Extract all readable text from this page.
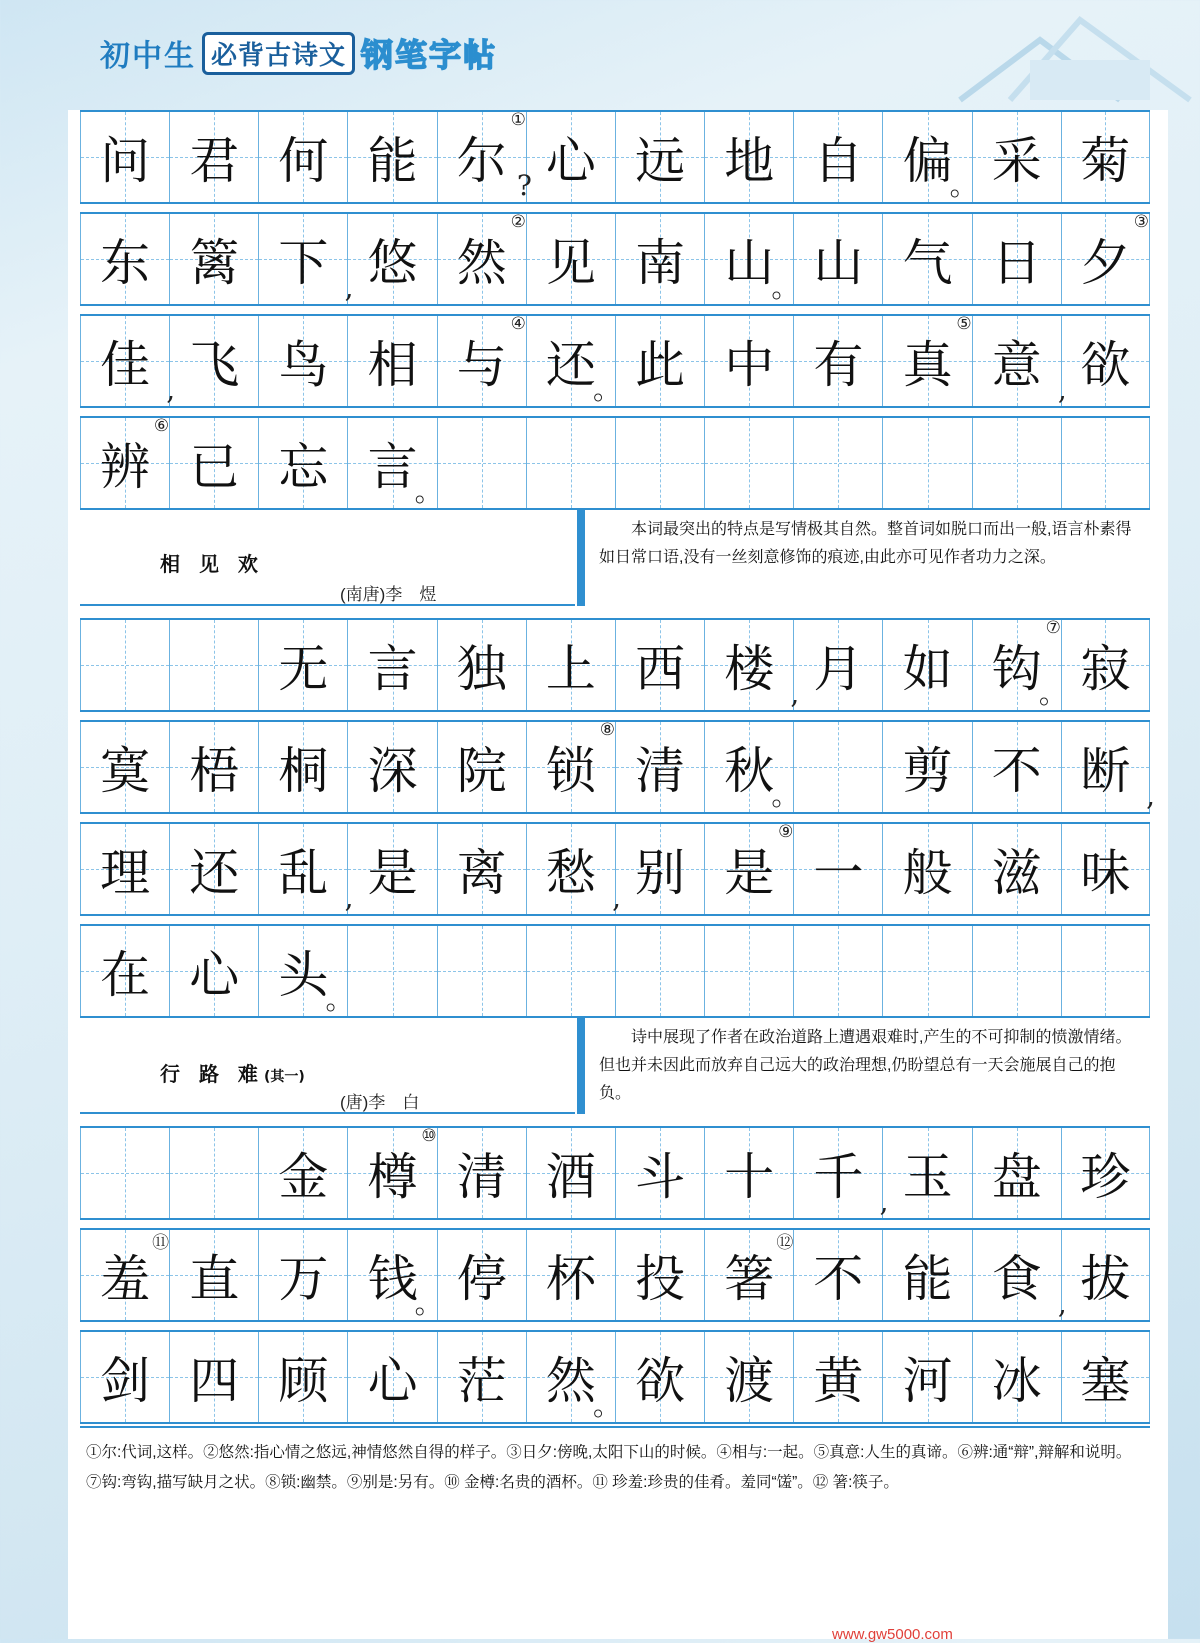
初中生 必背古诗文 钢笔字帖
问 君 何 能 尔
①
? 心 远 地 自 偏
。 采 菊
东 篱 下 , 悠 然
②
见 南 山
。 山 气 日 夕
③
佳 , 飞 鸟 相 与
④
还
。 此 中 有 真
⑤
意 , 欲
辨
⑥
已 忘 言
。
无 言 独 上 西 楼 , 月 如 钩
⑦
。 寂
寞 梧 桐 深 院 锁
⑧
清 秋
。	剪 不 断 ,
理 还 乱 , 是 离 愁 , 别 是
⑨
一 般 滋 味
在 心 头
。
金 樽
⑩
清 酒 斗 十 千 , 玉 盘 珍
羞
⑪
直 万 钱
。 停 杯 投 箸
⑫
不 能 食 , 拔
剑 四 顾 心 茫 然
。 欲 渡 黄 河 冰 塞
相 见 欢
(南唐)李　煜
本词最突出的特点是写情极其自然。整首词如脱口而出一般,语言朴素得如日常口语,没有一丝刻意修饰的痕迹,由此亦可见作者功力之深。
行 路 难(其一)
(唐)李　白
诗中展现了作者在政治道路上遭遇艰难时,产生的不可抑制的愤激情绪。但也并未因此而放弃自己远大的政治理想,仍盼望总有一天会施展自己的抱负。
①尔:代词,这样。②悠然:指心情之悠远,神情悠然自得的样子。③日夕:傍晚,太阳下山的时候。④相与:一起。⑤真意:人生的真谛。⑥辨:通“辩”,辩解和说明。⑦钩:弯钩,描写缺月之状。⑧锁:幽禁。⑨别是:另有。⑩ 金樽:名贵的酒杯。⑪ 珍羞:珍贵的佳肴。羞同“馐”。⑫ 箸:筷子。
www.gw5000.com
